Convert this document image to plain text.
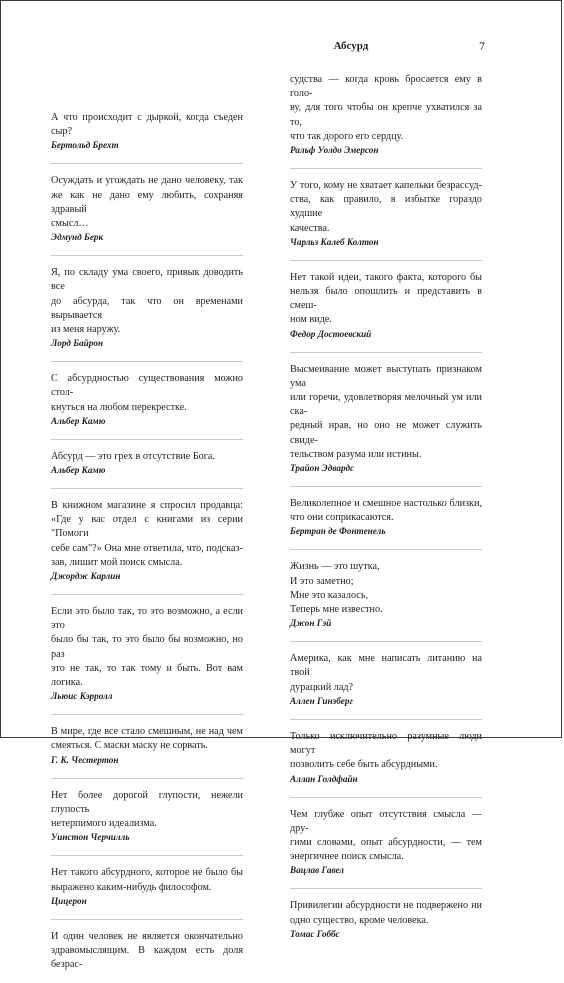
Абсурд	7

А что происходит с дыркой, когда съеден сыр?

Бертольд Брехт

Осуждать и угождать не дано человеку, так
же как не дано ему любить, сохраняя здравый
смысл…

Эдмунд Берк

Я, по складу ума своего, привык доводить все
до абсурда, так что он временами вырывается
из меня наружу.

Лорд Байрон

С абсурдностью существования можно стол-
кнуться на любом перекрестке.

Альбер Камю

Абсурд — это грех в отсутствие Бога.

Альбер Камю

В книжном магазине я спросил продавца:
«Где у вас отдел с книгами из серии "Помоги
себе сам"?» Она мне ответила, что, подсказ-
зав, лишит мой поиск смысла.

Джордж Карлин

Если это было так, то это возможно, а если это
было бы так, то это было бы возможно, но раз
это не так, то так тому и быть. Вот вам логика.

Льюис Кэрролл

В мире, где все стало смешным, не над чем
смеяться. С маски маску не сорвать.

Г. К. Честертон

Нет более дорогой глупости, нежели глупость
нетерпимого идеализма.

Уинстон Черчилль

Нет такого абсурдного, которое не было бы
выражено каким-нибудь философом.

Цицерон

И один человек не является окончательно
здравомыслящим. В каждом есть доля безрас-

судства — когда кровь бросается ему в голо-
ву, для того чтобы он крепче ухватился за то,
что так дорого его сердцу.

Ральф Уолдо Эмерсон

У того, кому не хватает капельки безрассуд-
ства, как правило, в избытке гораздо худшие
качества.

Чарльз Калеб Колтон

Нет такой идеи, такого факта, которого бы
нельзя было опошлить и представить в смеш-
ном виде.

Федор Достоевский

Высмеивание может выступать признаком ума
или горечи, удовлетворяя мелочный ум или ска-
редный нрав, но оно не может служить свиде-
тельством разума или истины.

Трайон Эдвардс

Великолепное и смешное настолько близки,
что они соприкасаются.

Бертран де Фонтенель

Жизнь — это шутка,
И это заметно;
Мне это казалось,
Теперь мне известно.

Джон Гэй

Америка, как мне написать литанию на твой
дурацкий лад?

Аллен Гинзберг

Только исключительно разумные люди могут
позволить себе быть абсурдными.

Аллан Голдфайн

Чем глубже опыт отсутствия смысла — дру-
гими словами, опыт абсурдности, — тем
энергичнее поиск смысла.

Вацлав Гавел

Привилегии абсурдности не подвержено ни
одно существо, кроме человека.

Томас Гоббс
